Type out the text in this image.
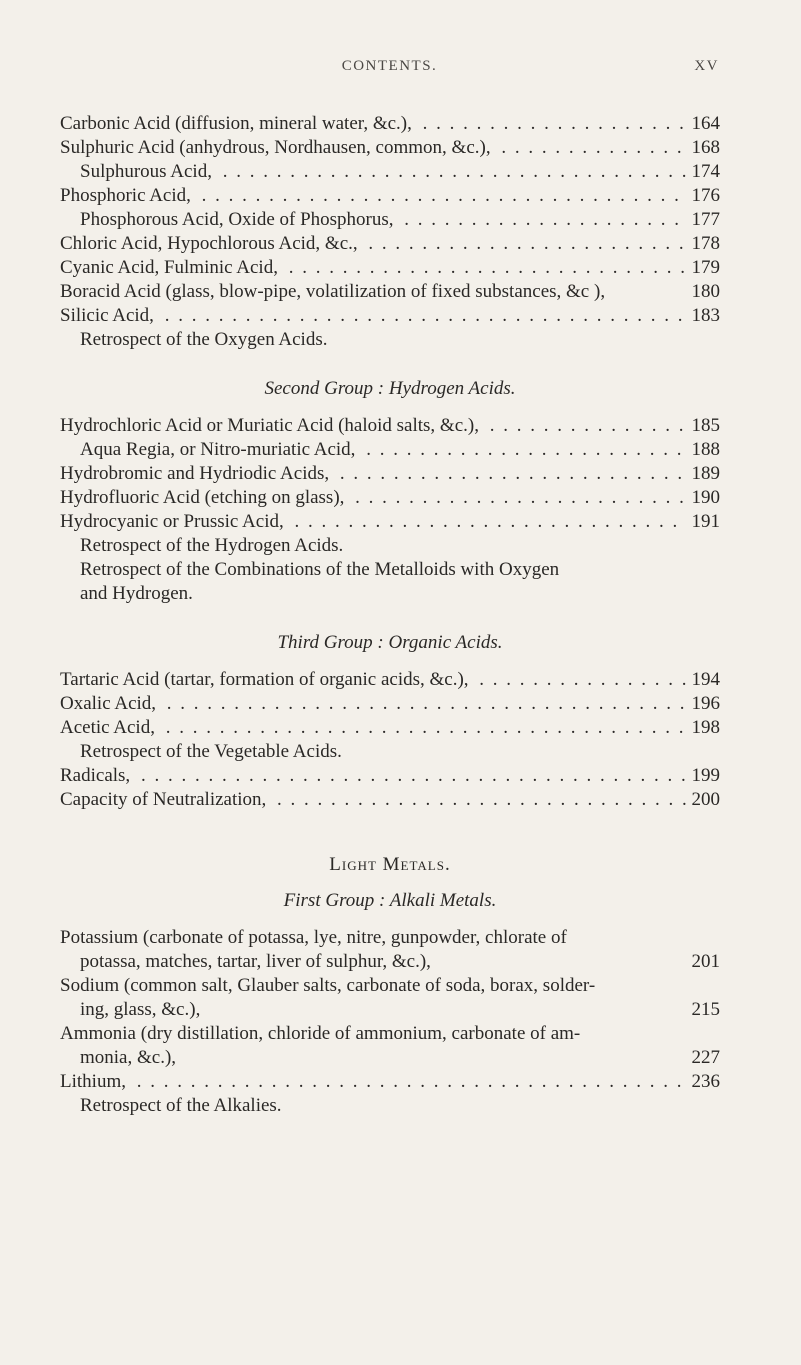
CONTENTS.	XV
Carbonic Acid (diffusion, mineral water, &c.), . . .	164
Sulphuric Acid (anhydrous, Nordhausen, common, &c.), . . .	168
Sulphurous Acid, . . .	174
Phosphoric Acid, . . .	176
Phosphorous Acid, Oxide of Phosphorus, . . .	177
Chloric Acid, Hypochlorous Acid, &c., . . .	178
Cyanic Acid, Fulminic Acid, . . .	179
Boracid Acid (glass, blow-pipe, volatilization of fixed substances, &c ),	180
Silicic Acid, . . .	183
Retrospect of the Oxygen Acids.
Second Group : Hydrogen Acids.
Hydrochloric Acid or Muriatic Acid (haloid salts, &c.), . . .	185
Aqua Regia, or Nitro-muriatic Acid, . . .	188
Hydrobromic and Hydriodic Acids, . . .	189
Hydrofluoric Acid (etching on glass), . . .	190
Hydrocyanic or Prussic Acid, . . .	191
Retrospect of the Hydrogen Acids.
Retrospect of the Combinations of the Metalloids with Oxygen
and Hydrogen.
Third Group : Organic Acids.
Tartaric Acid (tartar, formation of organic acids, &c.), . . .	194
Oxalic Acid, . . .	196
Acetic Acid, . . .	198
Retrospect of the Vegetable Acids.
Radicals, . . .	199
Capacity of Neutralization, . . .	200
Light Metals.
First Group : Alkali Metals.
Potassium (carbonate of potassa, lye, nitre, gunpowder, chlorate of
potassa, matches, tartar, liver of sulphur, &c.),	201
Sodium (common salt, Glauber salts, carbonate of soda, borax, solder-
ing, glass, &c.),	215
Ammonia (dry distillation, chloride of ammonium, carbonate of am-
monia, &c.),	227
Lithium, . . .	236
Retrospect of the Alkalies.
